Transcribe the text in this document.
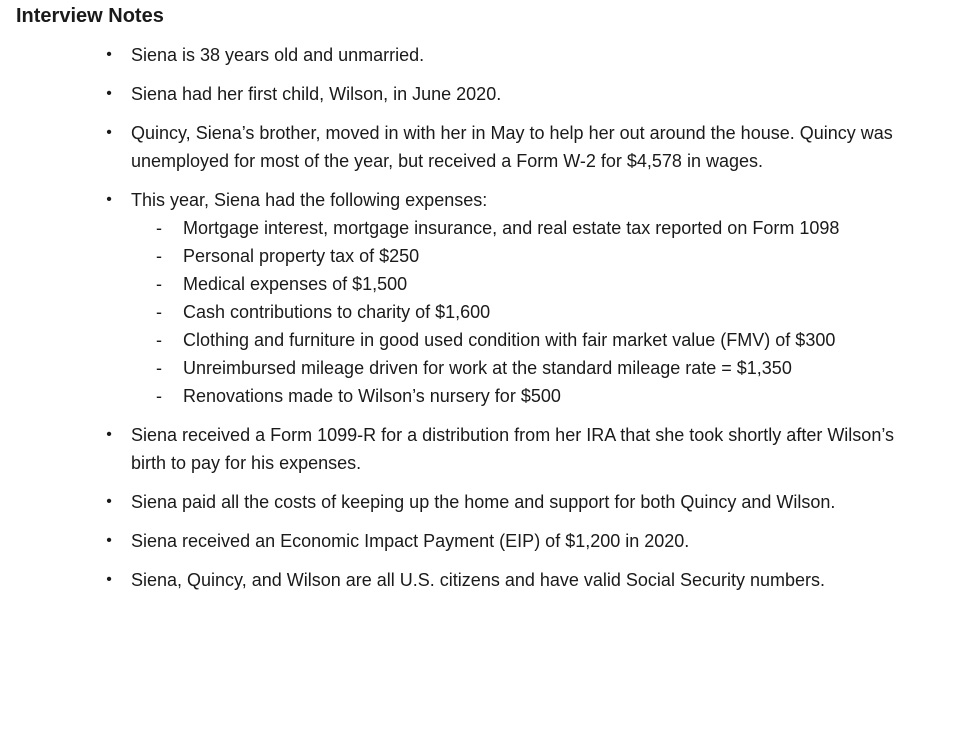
Interview Notes
• Siena is 38 years old and unmarried.
• Siena had her first child, Wilson, in June 2020.
• Quincy, Siena’s brother, moved in with her in May to help her out around the house. Quincy was unemployed for most of the year, but received a Form W-2 for $4,578 in wages.
• This year, Siena had the following expenses:
- Mortgage interest, mortgage insurance, and real estate tax reported on Form 1098
- Personal property tax of $250
- Medical expenses of $1,500
- Cash contributions to charity of $1,600
- Clothing and furniture in good used condition with fair market value (FMV) of $300
- Unreimbursed mileage driven for work at the standard mileage rate = $1,350
- Renovations made to Wilson’s nursery for $500
• Siena received a Form 1099-R for a distribution from her IRA that she took shortly after Wilson’s birth to pay for his expenses.
• Siena paid all the costs of keeping up the home and support for both Quincy and Wilson.
• Siena received an Economic Impact Payment (EIP) of $1,200 in 2020.
• Siena, Quincy, and Wilson are all U.S. citizens and have valid Social Security numbers.
